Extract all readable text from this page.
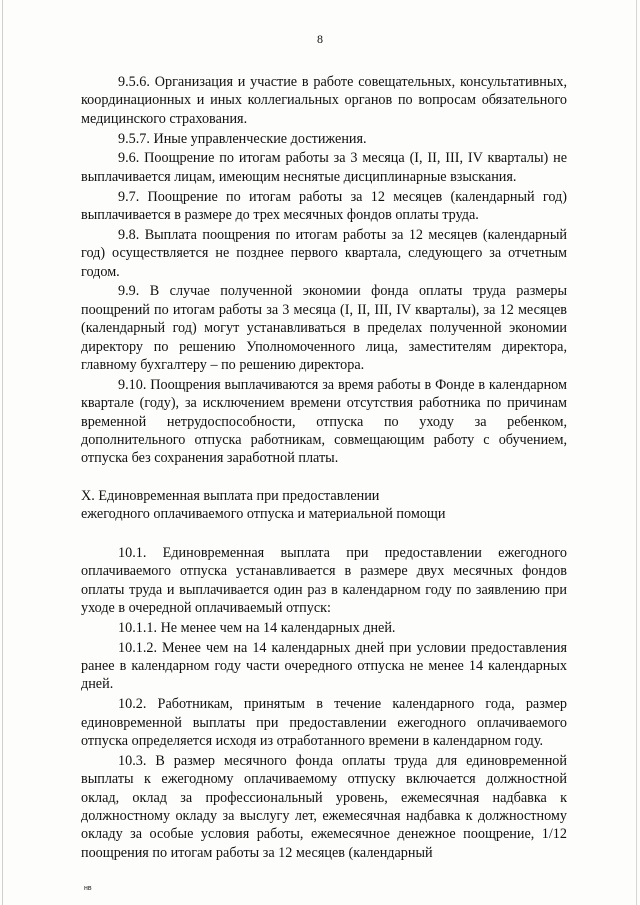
8

9.5.6. Организация и участие в работе совещательных, консультативных, координационных и иных коллегиальных органов по вопросам обязательного медицинского страхования.

9.5.7. Иные управленческие достижения.

9.6. Поощрение по итогам работы за 3 месяца (I, II, III, IV кварталы) не выплачивается лицам, имеющим неснятые дисциплинарные взыскания.

9.7. Поощрение по итогам работы за 12 месяцев (календарный год) выплачивается в размере до трех месячных фондов оплаты труда.

9.8. Выплата поощрения по итогам работы за 12 месяцев (календарный год) осуществляется не позднее первого квартала, следующего за отчетным годом.

9.9. В случае полученной экономии фонда оплаты труда размеры поощрений по итогам работы за 3 месяца (I, II, III, IV кварталы), за 12 месяцев (календарный год) могут устанавливаться в пределах полученной экономии директору по решению Уполномоченного лица, заместителям директора, главному бухгалтеру – по решению директора.

9.10. Поощрения выплачиваются за время работы в Фонде в календарном квартале (году), за исключением времени отсутствия работника по причинам временной нетрудоспособности, отпуска по уходу за ребенком, дополнительного отпуска работникам, совмещающим работу с обучением, отпуска без сохранения заработной платы.

X. Единовременная выплата при предоставлении
ежегодного оплачиваемого отпуска и материальной помощи

10.1. Единовременная выплата при предоставлении ежегодного оплачиваемого отпуска устанавливается в размере двух месячных фондов оплаты труда и выплачивается один раз в календарном году по заявлению при уходе в очередной оплачиваемый отпуск:

10.1.1. Не менее чем на 14 календарных дней.

10.1.2. Менее чем на 14 календарных дней при условии предоставления ранее в календарном году части очередного отпуска не менее 14 календарных дней.

10.2. Работникам, принятым в течение календарного года, размер единовременной выплаты при предоставлении ежегодного оплачиваемого отпуска определяется исходя из отработанного времени в календарном году.

10.3. В размер месячного фонда оплаты труда для единовременной выплаты к ежегодному оплачиваемому отпуску включается должностной оклад, оклад за профессиональный уровень, ежемесячная надбавка к должностному окладу за выслугу лет, ежемесячная надбавка к должностному окладу за особые условия работы, ежемесячное денежное поощрение, 1/12 поощрения по итогам работы за 12 месяцев (календарный

нв
